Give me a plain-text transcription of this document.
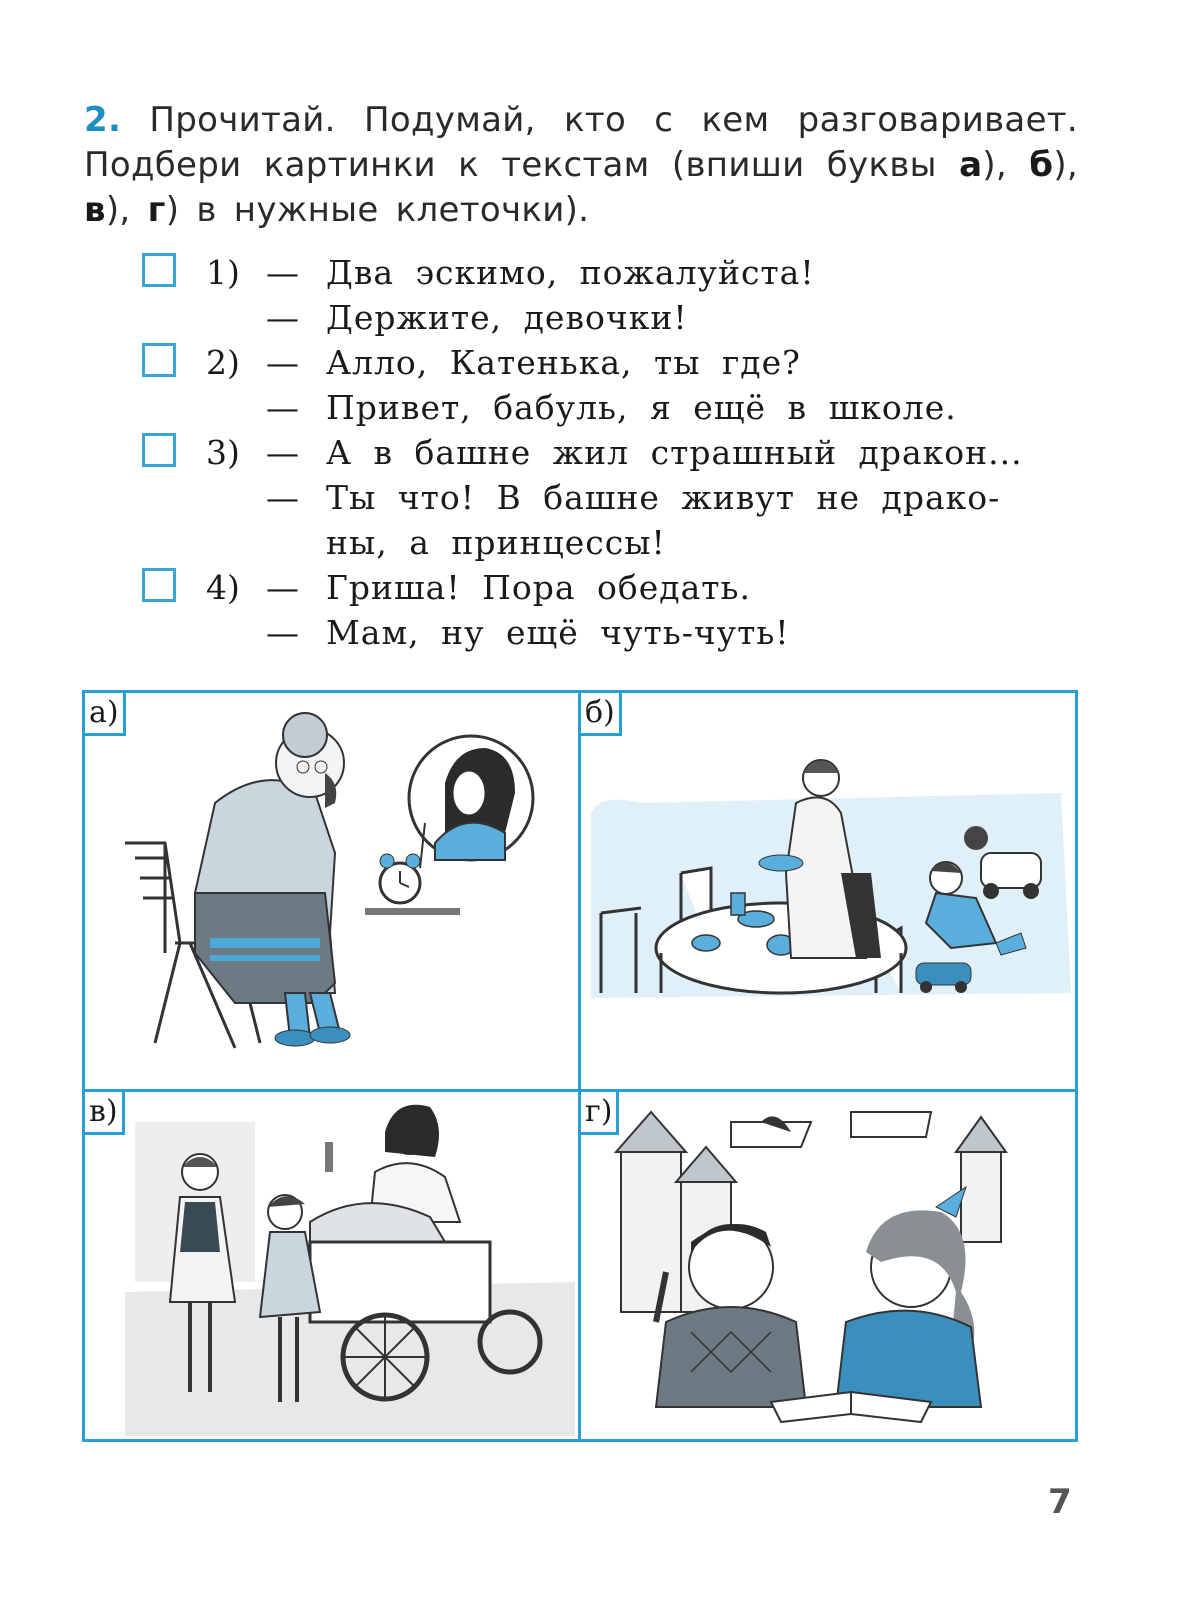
2. Прочитай. Подумай, кто с кем разговаривает. Подбери картинки к текстам (впиши буквы а), б), в), г) в нужные клеточки).
1) — Два эскимо, пожалуйста!
— Держите, девочки!
2) — Алло, Катенька, ты где?
— Привет, бабуль, я ещё в школе.
3) — А в башне жил страшный дракон...
— Ты что! В башне живут не драко-
ны, а принцессы!
4) — Гриша! Пора обедать.
— Мам, ну ещё чуть-чуть!
а)	б)
в)	г)
7
